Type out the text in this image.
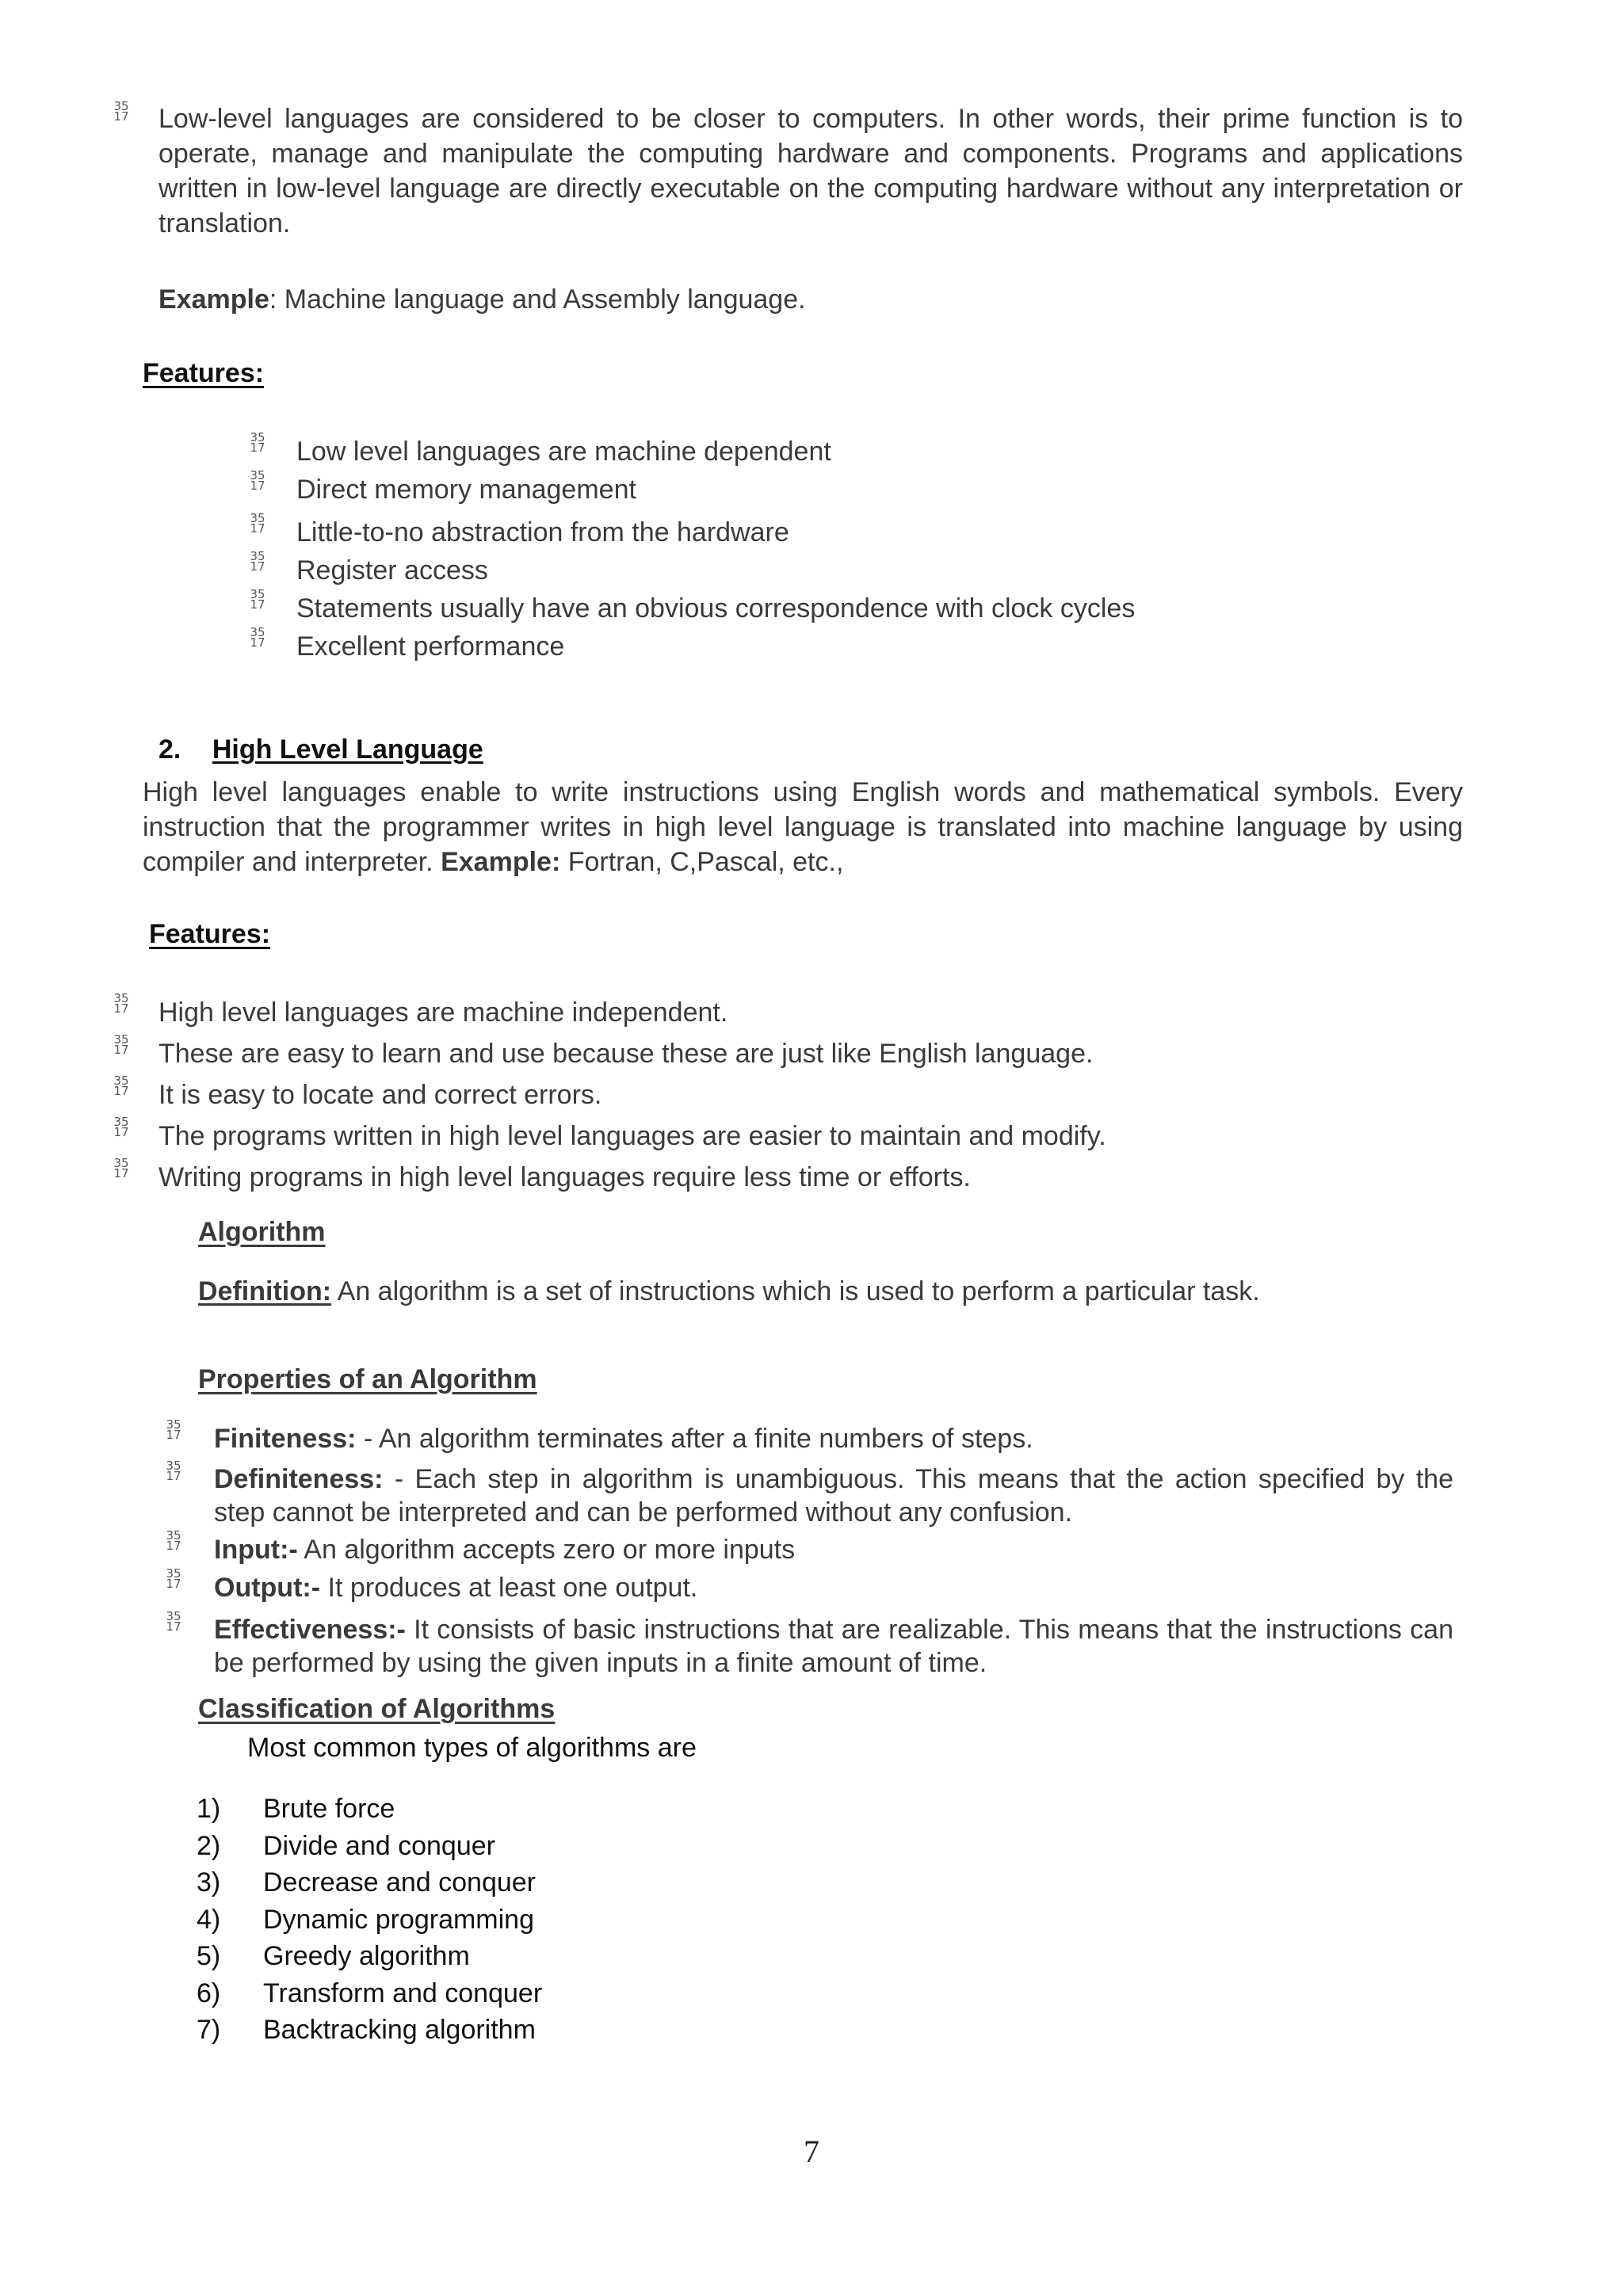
35
17 Low-level languages are considered to be closer to computers. In other words, their prime function is to operate, manage and manipulate the computing hardware and components. Programs and applications written in low-level language are directly executable on the computing hardware without any interpretation or translation.

Example: Machine language and Assembly language.
Features:
35
17 Low level languages are machine dependent
35
17 Direct memory management
35
17 Little-to-no abstraction from the hardware
35
17 Register access
35
17 Statements usually have an obvious correspondence with clock cycles
35
17 Excellent performance
2. High Level Language

High level languages enable to write instructions using English words and mathematical symbols. Every instruction that the programmer writes in high level language is translated into machine language by using compiler and interpreter. Example: Fortran, C,Pascal, etc.,

Features:
35
17 High level languages are machine independent.
35
17 These are easy to learn and use because these are just like English language.
35
17 It is easy to locate and correct errors.
35
17 The programs written in high level languages are easier to maintain and modify.
35
17 Writing programs in high level languages require less time or efforts.
Algorithm
Definition: An algorithm is a set of instructions which is used to perform a particular task.
Properties of an Algorithm
35
17 Finiteness: - An algorithm terminates after a finite numbers of steps.

35
17 Definiteness: - Each step in algorithm is unambiguous. This means that the action specified by the step cannot be interpreted and can be performed without any confusion.

35
17 Input:- An algorithm accepts zero or more inputs

35
17 Output:- It produces at least one output.

35
17 Effectiveness:- It consists of basic instructions that are realizable. This means that the instructions can be performed by using the given inputs in a finite amount of time.

Classification of Algorithms
Most common types of algorithms are
1) Brute force
2) Divide and conquer
3) Decrease and conquer
4) Dynamic programming
5) Greedy algorithm
6) Transform and conquer
7) Backtracking algorithm
7
